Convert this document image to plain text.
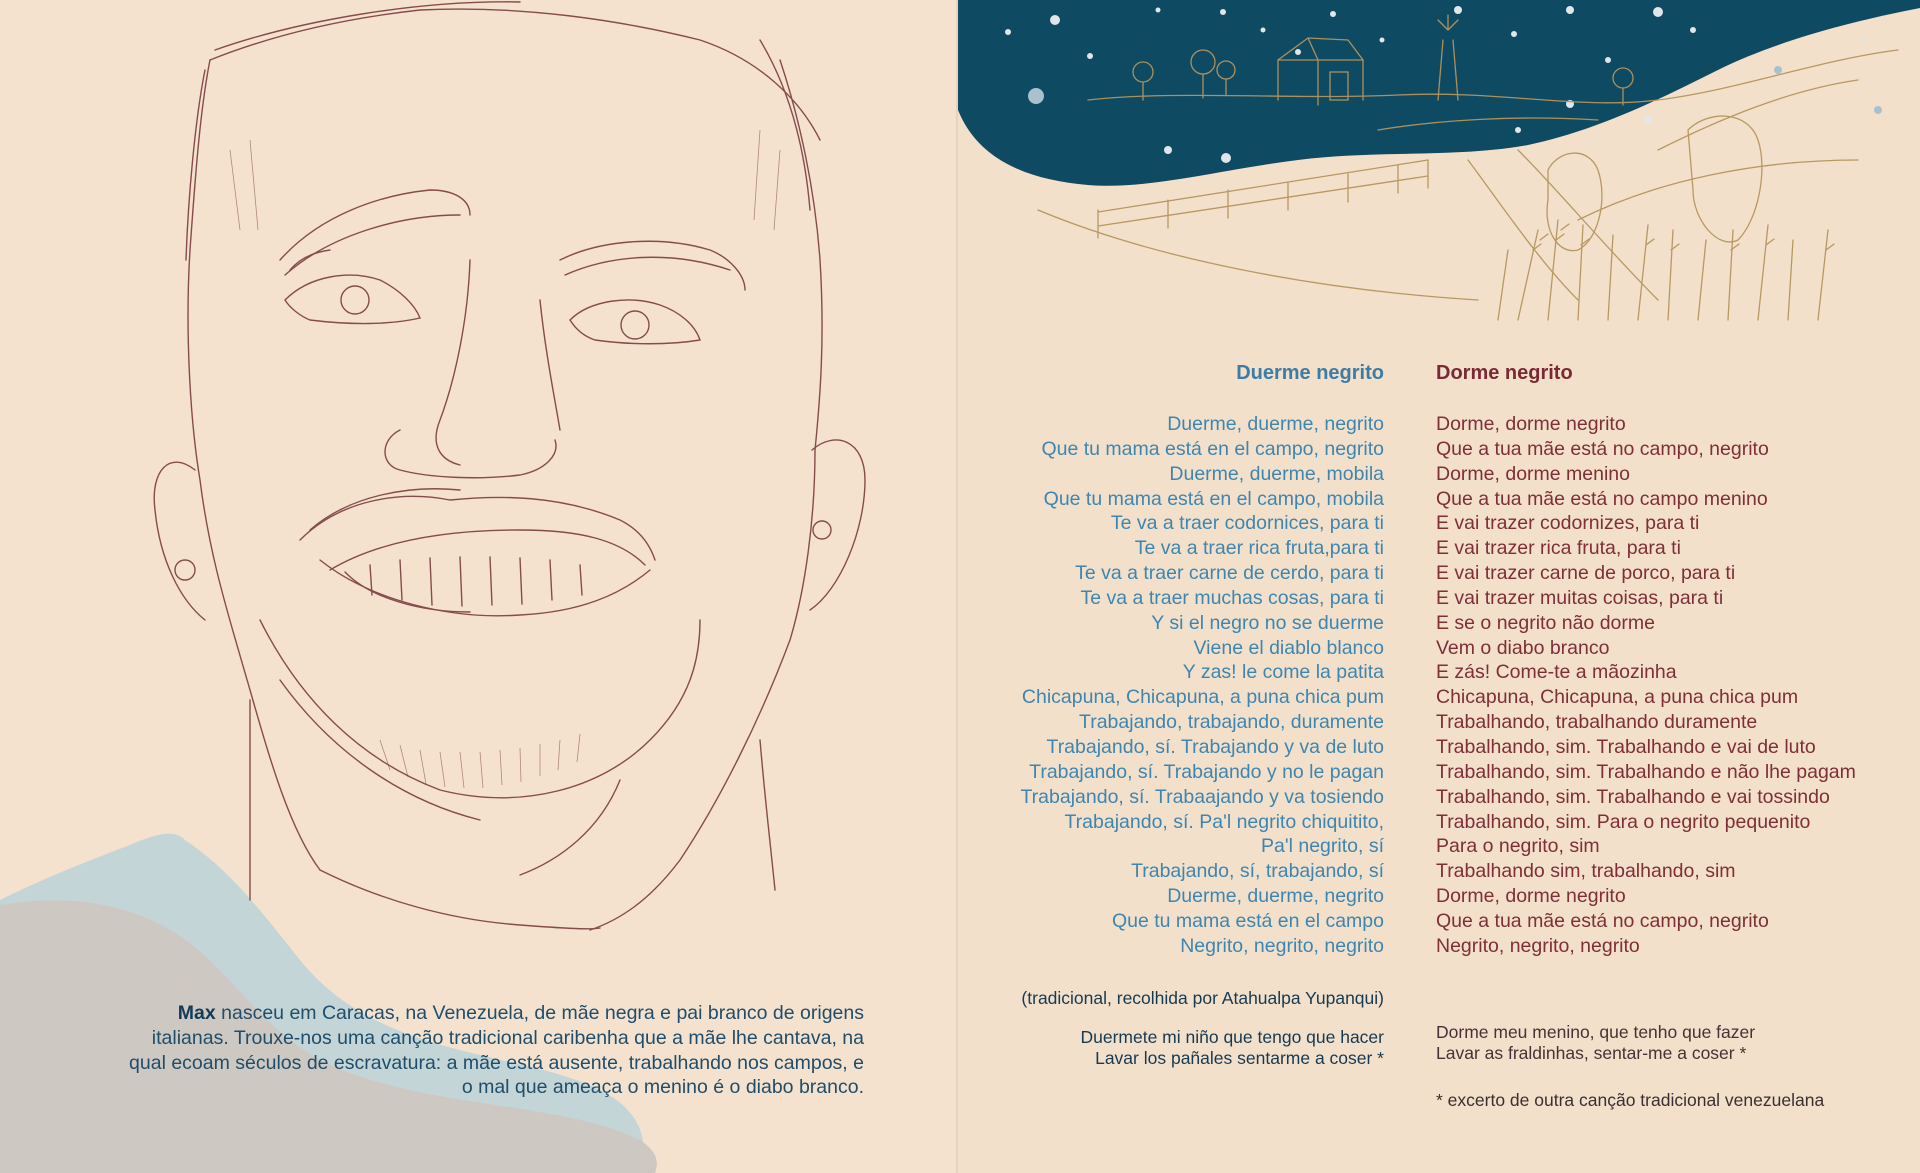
Max nasceu em Caracas, na Venezuela, de mãe negra e pai branco de origens italianas. Trouxe-nos uma canção tradicional caribenha que a mãe lhe cantava, na qual ecoam séculos de escravatura: a mãe está ausente, trabalhando nos campos, e o mal que ameaça o menino é o diabo branco.
Duerme negrito
Duerme, duerme, negrito
Que tu mama está en el campo, negrito
Duerme, duerme, mobila
Que tu mama está en el campo, mobila
Te va a traer codornices, para ti
Te va a traer rica fruta,para ti
Te va a traer carne de cerdo, para ti
Te va a traer muchas cosas, para ti
Y si el negro no se duerme
Viene el diablo blanco
Y zas! le come la patita
Chicapuna, Chicapuna, a puna chica pum
Trabajando, trabajando, duramente
Trabajando, sí. Trabajando y va de luto
Trabajando, sí. Trabajando y no le pagan
Trabajando, sí. Trabaajando y va tosiendo
Trabajando, sí. Pa'l negrito chiquitito,
Pa'l negrito, sí
Trabajando, sí, trabajando, sí
Duerme, duerme, negrito
Que tu mama está en el campo
Negrito, negrito, negrito
Dorme negrito
Dorme, dorme negrito
Que a tua mãe está no campo, negrito
Dorme, dorme menino
Que a tua mãe está no campo menino
E vai trazer codornizes, para ti
E vai trazer rica fruta, para ti
E vai trazer carne de porco, para ti
E vai trazer muitas coisas, para ti
E se o negrito não dorme
Vem o diabo branco
E zás! Come-te a mãozinha
Chicapuna, Chicapuna, a puna chica pum
Trabalhando, trabalhando duramente
Trabalhando, sim. Trabalhando e vai de luto
Trabalhando, sim. Trabalhando e não lhe pagam
Trabalhando, sim. Trabalhando e vai tossindo
Trabalhando, sim. Para o negrito pequenito
Para o negrito, sim
Trabalhando sim, trabalhando, sim
Dorme, dorme negrito
Que a tua mãe está no campo, negrito
Negrito, negrito, negrito
(tradicional, recolhida por Atahualpa Yupanqui)
Duermete mi niño que tengo que hacer
Lavar los pañales sentarme a coser *
Dorme meu menino, que tenho que fazer
Lavar as fraldinhas, sentar-me a coser *
* excerto de outra canção tradicional venezuelana
